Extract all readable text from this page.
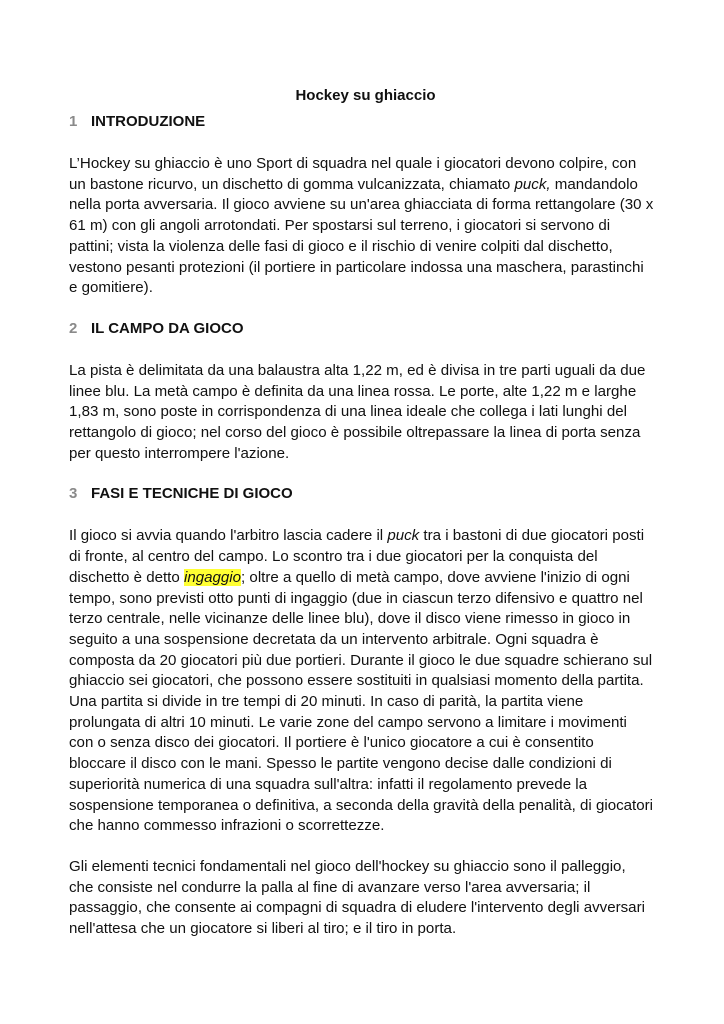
Hockey su ghiaccio
1 INTRODUZIONE

L’Hockey su ghiaccio è uno Sport di squadra nel quale i giocatori devono colpire, con un bastone ricurvo, un dischetto di gomma vulcanizzata, chiamato puck, mandandolo nella porta avversaria. Il gioco avviene su un'area ghiacciata di forma rettangolare (30 x 61 m) con gli angoli arrotondati. Per spostarsi sul terreno, i giocatori si servono di pattini; vista la violenza delle fasi di gioco e il rischio di venire colpiti dal dischetto, vestono pesanti protezioni (il portiere in particolare indossa una maschera, parastinchi e gomitiere).

2 IL CAMPO DA GIOCO

La pista è delimitata da una balaustra alta 1,22 m, ed è divisa in tre parti uguali da due linee blu. La metà campo è definita da una linea rossa. Le porte, alte 1,22 m e larghe 1,83 m, sono poste in corrispondenza di una linea ideale che collega i lati lunghi del rettangolo di gioco; nel corso del gioco è possibile oltrepassare la linea di porta senza per questo interrompere l'azione.

3 FASI E TECNICHE DI GIOCO

Il gioco si avvia quando l'arbitro lascia cadere il puck tra i bastoni di due giocatori posti di fronte, al centro del campo. Lo scontro tra i due giocatori per la conquista del dischetto è detto ingaggio; oltre a quello di metà campo, dove avviene l'inizio di ogni tempo, sono previsti otto punti di ingaggio (due in ciascun terzo difensivo e quattro nel terzo centrale, nelle vicinanze delle linee blu), dove il disco viene rimesso in gioco in seguito a una sospensione decretata da un intervento arbitrale. Ogni squadra è composta da 20 giocatori più due portieri. Durante il gioco le due squadre schierano sul ghiaccio sei giocatori, che possono essere sostituiti in qualsiasi momento della partita. Una partita si divide in tre tempi di 20 minuti. In caso di parità, la partita viene prolungata di altri 10 minuti. Le varie zone del campo servono a limitare i movimenti con o senza disco dei giocatori. Il portiere è l'unico giocatore a cui è consentito bloccare il disco con le mani. Spesso le partite vengono decise dalle condizioni di superiorità numerica di una squadra sull'altra: infatti il regolamento prevede la sospensione temporanea o definitiva, a seconda della gravità della penalità, di giocatori che hanno commesso infrazioni o scorrettezze.

Gli elementi tecnici fondamentali nel gioco dell'hockey su ghiaccio sono il palleggio, che consiste nel condurre la palla al fine di avanzare verso l'area avversaria; il passaggio, che consente ai compagni di squadra di eludere l'intervento degli avversari nell'attesa che un giocatore si liberi al tiro; e il tiro in porta.
